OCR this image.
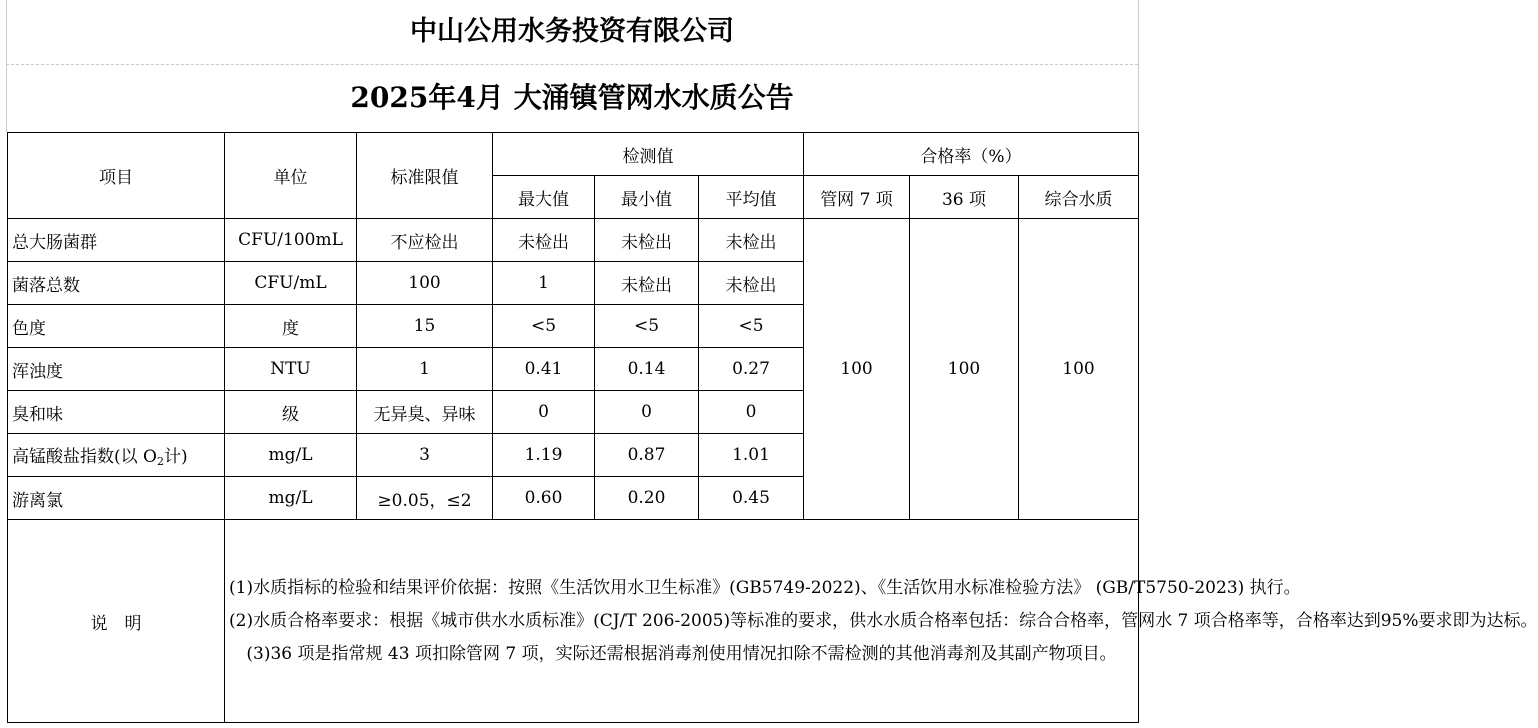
中山公用水务投资有限公司
2025年4月 大涌镇管网水水质公告
项目	单位	标准限值	检测值			合格率（%）		
			最大值	最小值	平均值	管网 7 项	36 项	综合水质
总大肠菌群	CFU/100mL	不应检出	未检出	未检出	未检出	100	100	100
菌落总数	CFU/mL	100	1	未检出	未检出			
色度	度	15	<5	<5	<5			
浑浊度	NTU	1	0.41	0.14	0.27			
臭和味	级	无异臭、异味	0	0	0			
高锰酸盐指数(以 $O_2$计)	mg/L	3	1.19	0.87	1.01			
游离氯	mg/L	≥0.05，≤2	0.60	0.20	0.45			
说　明	(1)水质指标的检验和结果评价依据：按照《生活饮用水卫生标准》(GB5749-2022)、《生活饮用水标准检验方法》 (GB/T5750-2023) 执行。
(2)水质合格率要求：根据《城市供水水质标准》(CJ/T 206-2005)等标准的要求，供水水质合格率包括：综合合格率，管网水 7 项合格率等，合格率达到95%要求即为达标。
(3)36 项是指常规 43 项扣除管网 7 项，实际还需根据消毒剂使用情况扣除不需检测的其他消毒剂及其副产物项目。							
